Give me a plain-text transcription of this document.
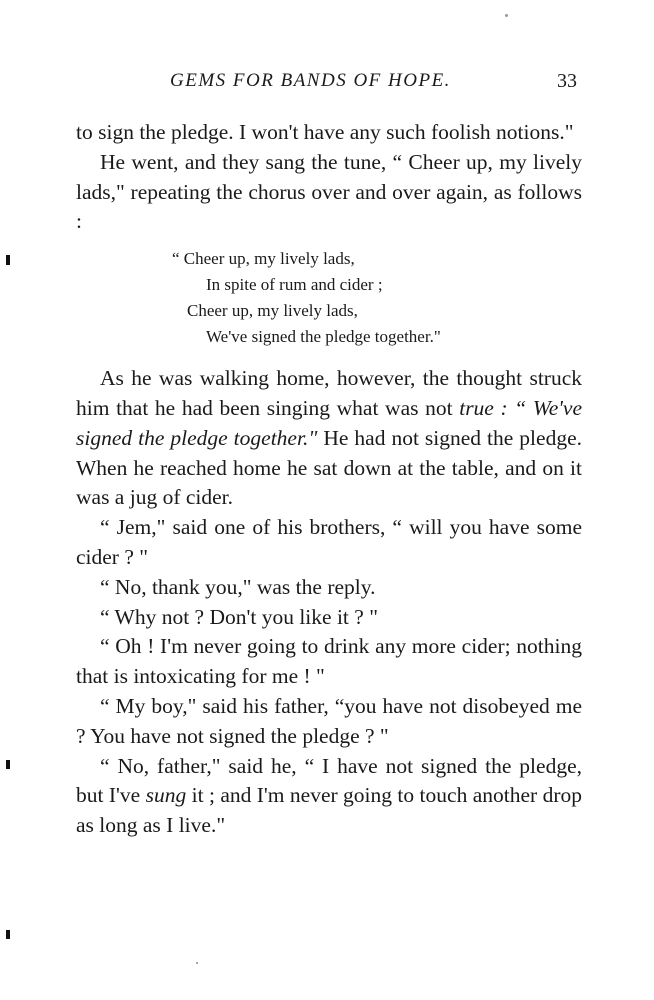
GEMS FOR BANDS OF HOPE.	33

to sign the pledge. I won't have any such foolish notions."

He went, and they sang the tune, “ Cheer up, my lively lads," repeating the chorus over and over again, as follows :

“ Cheer up, my lively lads,
In spite of rum and cider ;
Cheer up, my lively lads,
We've signed the pledge together."

As he was walking home, however, the thought struck him that he had been singing what was not true : “ We've signed the pledge together." He had not signed the pledge. When he reached home he sat down at the table, and on it was a jug of cider.

“ Jem," said one of his brothers, “ will you have some cider ? "

“ No, thank you," was the reply.

“ Why not ? Don't you like it ? "

“ Oh ! I'm never going to drink any more cider; nothing that is intoxicating for me ! "

“ My boy," said his father, “you have not disobeyed me ? You have not signed the pledge ? "

“ No, father," said he, “ I have not signed the pledge, but I've sung it ; and I'm never going to touch another drop as long as I live."
